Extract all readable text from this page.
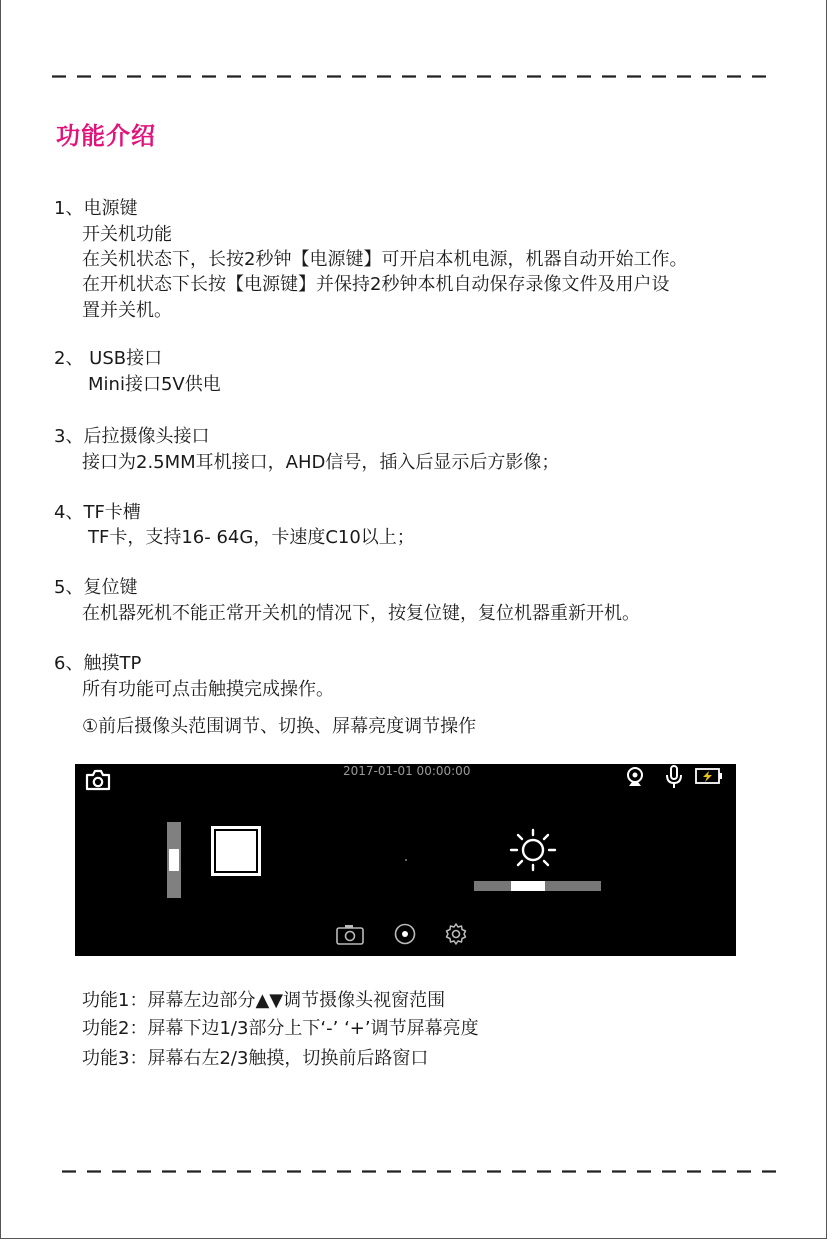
功能介绍
1、电源键
开关机功能
在关机状态下，长按2秒钟【电源键】可开启本机电源，机器自动开始工作。
在开机状态下长按【电源键】并保持2秒钟本机自动保存录像文件及用户设
置并关机。
2、 USB接口
Mini接口5V供电
3、后拉摄像头接口
接口为2.5MM耳机接口，AHD信号，插入后显示后方影像；
4、TF卡槽
TF卡，支持16- 64G，卡速度C10以上；
5、复位键
在机器死机不能正常开关机的情况下，按复位键，复位机器重新开机。
6、触摸TP
所有功能可点击触摸完成操作。
①前后摄像头范围调节、切换、屏幕亮度调节操作
2017-01-01 00:00:00
功能1：屏幕左边部分▲▼调节摄像头视窗范围
功能2：屏幕下边1/3部分上下‘-’ ‘+’调节屏幕亮度
功能3：屏幕右左2/3触摸，切换前后路窗口
